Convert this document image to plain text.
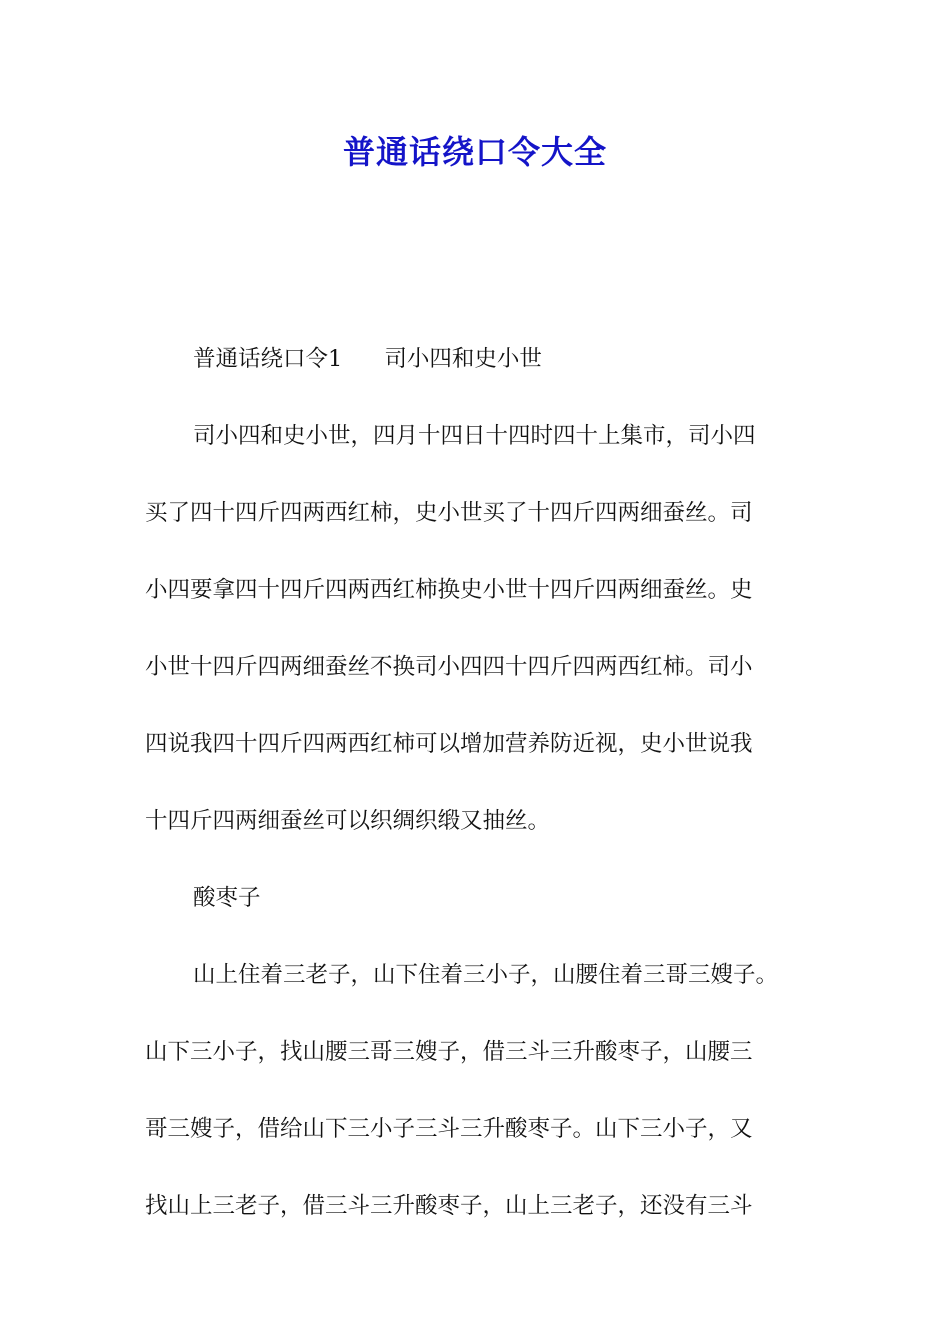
普通话绕口令大全
普通话绕口令1 司小四和史小世
司小四和史小世，四月十四日十四时四十上集市，司小四
买了四十四斤四两西红柿，史小世买了十四斤四两细蚕丝。司
小四要拿四十四斤四两西红柿换史小世十四斤四两细蚕丝。史
小世十四斤四两细蚕丝不换司小四四十四斤四两西红柿。司小
四说我四十四斤四两西红柿可以增加营养防近视，史小世说我
十四斤四两细蚕丝可以织绸织缎又抽丝。
酸枣子
山上住着三老子，山下住着三小子，山腰住着三哥三嫂子。
山下三小子，找山腰三哥三嫂子，借三斗三升酸枣子，山腰三
哥三嫂子，借给山下三小子三斗三升酸枣子。山下三小子，又
找山上三老子，借三斗三升酸枣子，山上三老子，还没有三斗
